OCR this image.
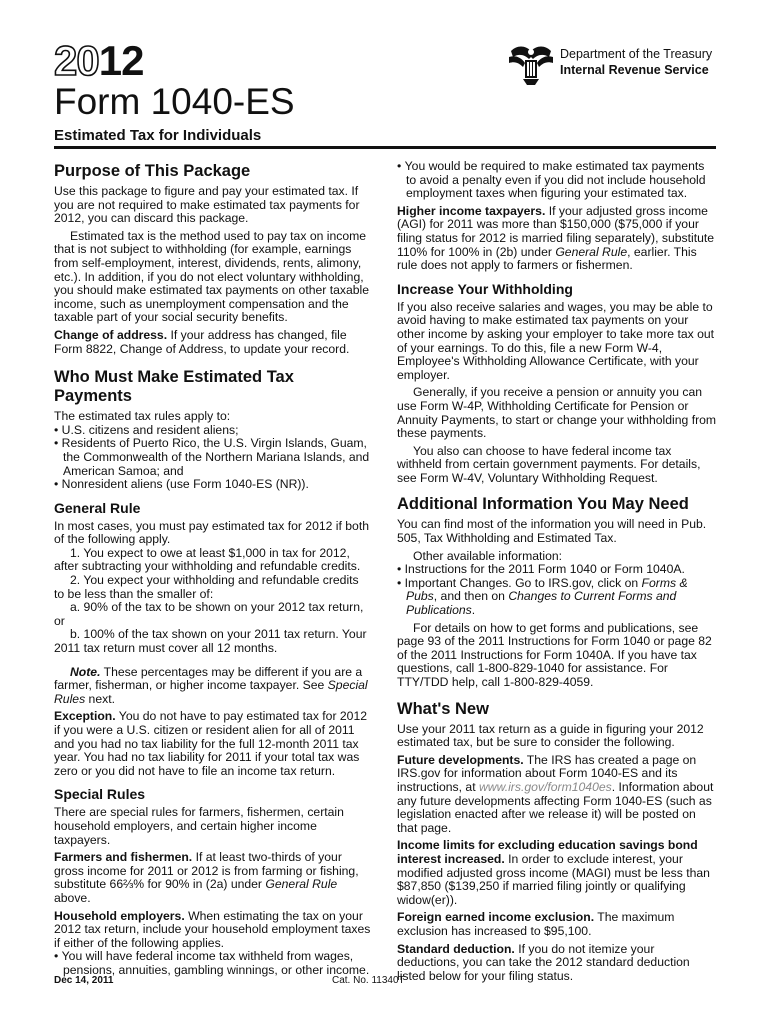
2012
Form 1040-ES
Estimated Tax for Individuals
Department of the Treasury
Internal Revenue Service
Purpose of This Package

Use this package to figure and pay your estimated tax. If you are not required to make estimated tax payments for 2012, you can discard this package.

Estimated tax is the method used to pay tax on income that is not subject to withholding (for example, earnings from self-employment, interest, dividends, rents, alimony, etc.). In addition, if you do not elect voluntary withholding, you should make estimated tax payments on other taxable income, such as unemployment compensation and the taxable part of your social security benefits.

Change of address. If your address has changed, file Form 8822, Change of Address, to update your record.

Who Must Make Estimated Tax Payments

The estimated tax rules apply to:

• U.S. citizens and resident aliens;
• Residents of Puerto Rico, the U.S. Virgin Islands, Guam, the Commonwealth of the Northern Mariana Islands, and American Samoa; and
• Nonresident aliens (use Form 1040-ES (NR)).
General Rule

In most cases, you must pay estimated tax for 2012 if both of the following apply.

1. You expect to owe at least $1,000 in tax for 2012, after subtracting your withholding and refundable credits.

2. You expect your withholding and refundable credits to be less than the smaller of:

a. 90% of the tax to be shown on your 2012 tax return, or

b. 100% of the tax shown on your 2011 tax return. Your 2011 tax return must cover all 12 months.

Note. These percentages may be different if you are a farmer, fisherman, or higher income taxpayer. See Special Rules next.

Exception. You do not have to pay estimated tax for 2012 if you were a U.S. citizen or resident alien for all of 2011 and you had no tax liability for the full 12-month 2011 tax year. You had no tax liability for 2011 if your total tax was zero or you did not have to file an income tax return.

Special Rules

There are special rules for farmers, fishermen, certain household employers, and certain higher income taxpayers.

Farmers and fishermen. If at least two-thirds of your gross income for 2011 or 2012 is from farming or fishing, substitute 66⅔% for 90% in (2a) under General Rule above.

Household employers. When estimating the tax on your 2012 tax return, include your household employment taxes if either of the following applies.

• You will have federal income tax withheld from wages, pensions, annuities, gambling winnings, or other income.
• You would be required to make estimated tax payments to avoid a penalty even if you did not include household employment taxes when figuring your estimated tax.

Higher income taxpayers. If your adjusted gross income (AGI) for 2011 was more than $150,000 ($75,000 if your filing status for 2012 is married filing separately), substitute 110% for 100% in (2b) under General Rule, earlier. This rule does not apply to farmers or fishermen.

Increase Your Withholding

If you also receive salaries and wages, you may be able to avoid having to make estimated tax payments on your other income by asking your employer to take more tax out of your earnings. To do this, file a new Form W-4, Employee's Withholding Allowance Certificate, with your employer.

Generally, if you receive a pension or annuity you can use Form W-4P, Withholding Certificate for Pension or Annuity Payments, to start or change your withholding from these payments.

You also can choose to have federal income tax withheld from certain government payments. For details, see Form W-4V, Voluntary Withholding Request.

Additional Information You May Need

You can find most of the information you will need in Pub. 505, Tax Withholding and Estimated Tax.

Other available information:

• Instructions for the 2011 Form 1040 or Form 1040A.
• Important Changes. Go to IRS.gov, click on Forms & Pubs, and then on Changes to Current Forms and Publications.

For details on how to get forms and publications, see page 93 of the 2011 Instructions for Form 1040 or page 82 of the 2011 Instructions for Form 1040A. If you have tax questions, call 1-800-829-1040 for assistance. For TTY/TDD help, call 1-800-829-4059.

What's New

Use your 2011 tax return as a guide in figuring your 2012 estimated tax, but be sure to consider the following.

Future developments. The IRS has created a page on IRS.gov for information about Form 1040-ES and its instructions, at www.irs.gov/form1040es. Information about any future developments affecting Form 1040-ES (such as legislation enacted after we release it) will be posted on that page.

Income limits for excluding education savings bond interest increased. In order to exclude interest, your modified adjusted gross income (MAGI) must be less than $87,850 ($139,250 if married filing jointly or qualifying widow(er)).

Foreign earned income exclusion. The maximum exclusion has increased to $95,100.

Standard deduction. If you do not itemize your deductions, you can take the 2012 standard deduction listed below for your filing status.

Dec 14, 2011	Cat. No. 11340T
